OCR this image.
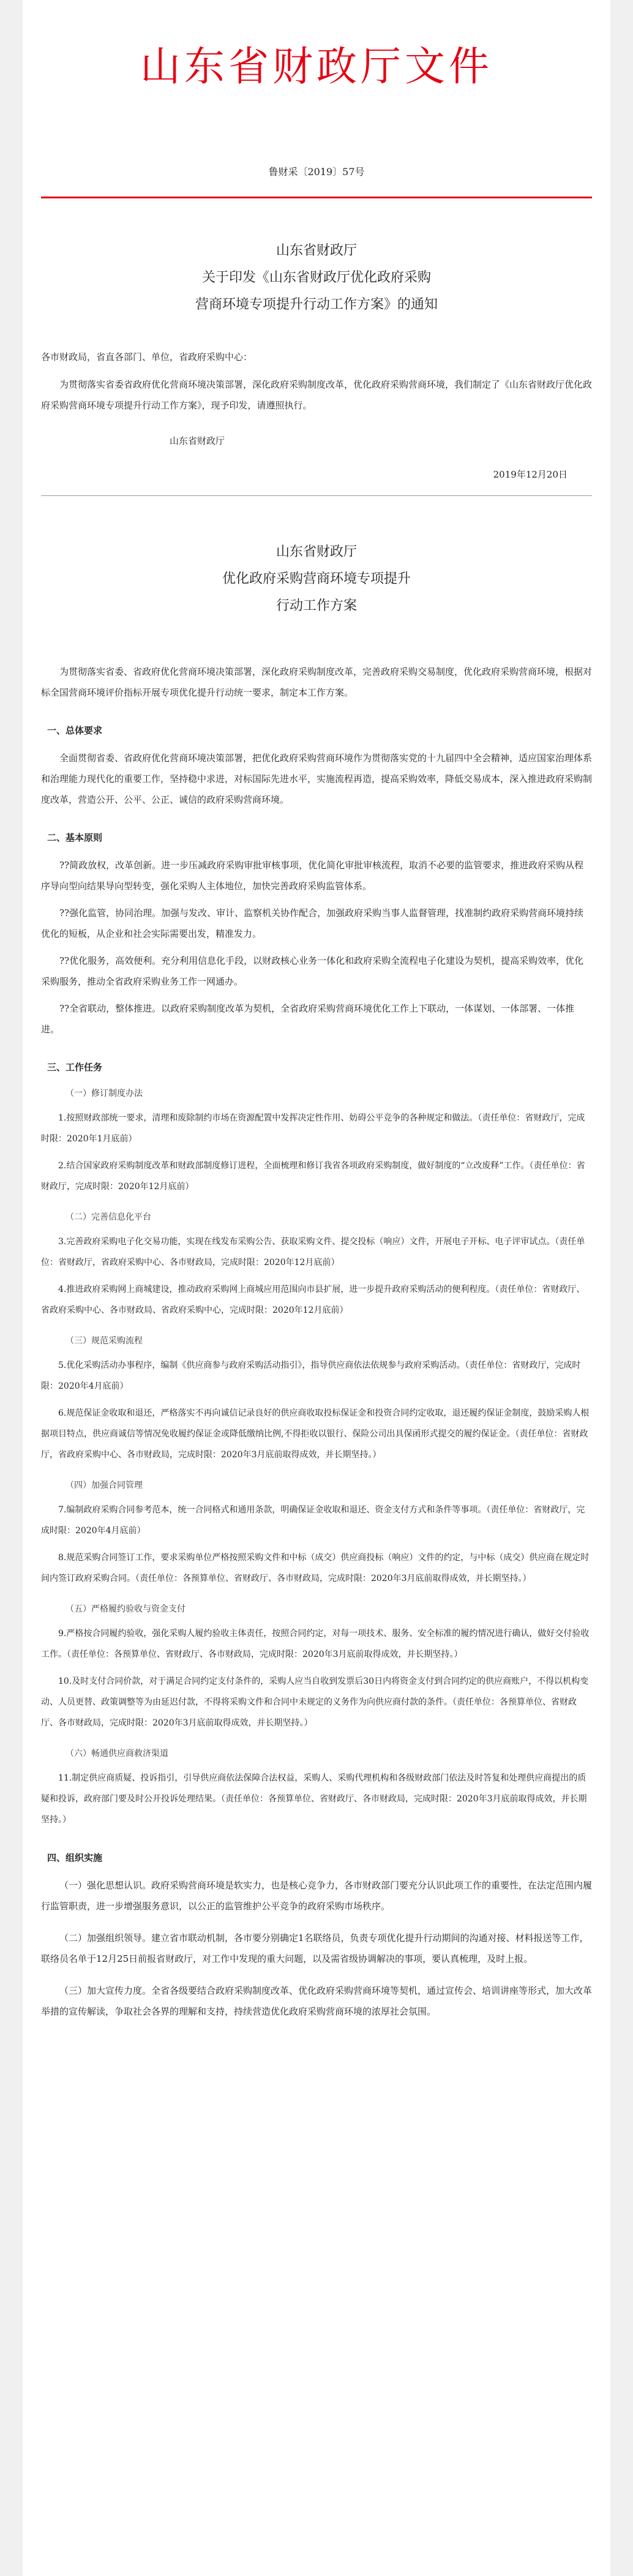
山东省财政厅文件
鲁财采〔2019〕57号
山东省财政厅
关于印发《山东省财政厅优化政府采购
营商环境专项提升行动工作方案》的通知
各市财政局，省直各部门、单位，省政府采购中心：

为贯彻落实省委省政府优化营商环境决策部署，深化政府采购制度改革，优化政府采购营商环境，我们制定了《山东省财政厅优化政府采购营商环境专项提升行动工作方案》，现予印发，请遵照执行。

山东省财政厅
2019年12月20日
山东省财政厅
优化政府采购营商环境专项提升
行动工作方案

为贯彻落实省委、省政府优化营商环境决策部署，深化政府采购制度改革，完善政府采购交易制度，优化政府采购营商环境，根据对标全国营商环境评价指标开展专项优化提升行动统一要求，制定本工作方案。

一、总体要求

全面贯彻省委、省政府优化营商环境决策部署，把优化政府采购营商环境作为贯彻落实党的十九届四中全会精神，适应国家治理体系和治理能力现代化的重要工作，坚持稳中求进，对标国际先进水平，实施流程再造，提高采购效率，降低交易成本，深入推进政府采购制度改革，营造公开、公平、公正、诚信的政府采购营商环境。

二、基本原则

??简政放权，改革创新。进一步压减政府采购审批审核事项，优化简化审批审核流程，取消不必要的监管要求，推进政府采购从程序导向型向结果导向型转变，强化采购人主体地位，加快完善政府采购监管体系。

??强化监管，协同治理。加强与发改、审计、监察机关协作配合，加强政府采购当事人监督管理，找准制约政府采购营商环境持续优化的短板，从企业和社会实际需要出发，精准发力。

??优化服务，高效便利。充分利用信息化手段，以财政核心业务一体化和政府采购全流程电子化建设为契机，提高采购效率，优化采购服务，推动全省政府采购业务工作一网通办。

??全省联动，整体推进。以政府采购制度改革为契机，全省政府采购营商环境优化工作上下联动，一体谋划、一体部署、一体推进。

三、工作任务
（一）修订制度办法

1.按照财政部统一要求，清理和废除制约市场在资源配置中发挥决定性作用、妨碍公平竞争的各种规定和做法。（责任单位：省财政厅，完成时限：2020年1月底前）

2.结合国家政府采购制度改革和财政部制度修订进程，全面梳理和修订我省各项政府采购制度，做好制度的“立改废释”工作。（责任单位：省财政厅，完成时限：2020年12月底前）

（二）完善信息化平台

3.完善政府采购电子化交易功能，实现在线发布采购公告、获取采购文件、提交投标（响应）文件，开展电子开标、电子评审试点。（责任单位：省财政厅，省政府采购中心、各市财政局，完成时限：2020年12月底前）

4.推进政府采购网上商城建设，推动政府采购网上商城应用范围向市县扩展，进一步提升政府采购活动的便利程度。（责任单位：省财政厅、省政府采购中心、各市财政局、省政府采购中心，完成时限：2020年12月底前）

（三）规范采购流程

5.优化采购活动办事程序，编制《供应商参与政府采购活动指引》，指导供应商依法依规参与政府采购活动。（责任单位：省财政厅，完成时限：2020年4月底前）

6.规范保证金收取和退还，严格落实不再向诚信记录良好的供应商收取投标保证金和投资合同约定收取，退还履约保证金制度，鼓励采购人根据项目特点，供应商诚信等情况免收履约保证金或降低缴纳比例,不得拒收以银行、保险公司出具保函形式提交的履约保证金。（责任单位：省财政厅，省政府采购中心、各市财政局，完成时限：2020年3月底前取得成效，并长期坚持。）

（四）加强合同管理

7.编制政府采购合同参考范本，统一合同格式和通用条款，明确保证金收取和退还、资金支付方式和条件等事项。（责任单位：省财政厅，完成时限：2020年4月底前）

8.规范采购合同签订工作，要求采购单位严格按照采购文件和中标（成交）供应商投标（响应）文件的约定，与中标（成交）供应商在规定时间内签订政府采购合同。（责任单位：各预算单位、省财政厅、各市财政局，完成时限：2020年3月底前取得成效，并长期坚持。）

（五）严格履约验收与资金支付

9.严格按合同履约验收，强化采购人履约验收主体责任，按照合同约定，对每一项技术、服务、安全标准的履约情况进行确认，做好交付验收工作。（责任单位：各预算单位、省财政厅、各市财政局，完成时限：2020年3月底前取得成效，并长期坚持。）

10.及时支付合同价款，对于满足合同约定支付条件的，采购人应当自收到发票后30日内将资金支付到合同约定的供应商账户，不得以机构变动、人员更替、政策调整等为由延迟付款，不得将采购文件和合同中未规定的义务作为向供应商付款的条件。（责任单位：各预算单位、省财政厅、各市财政局，完成时限：2020年3月底前取得成效，并长期坚持。）

（六）畅通供应商救济渠道

11.制定供应商质疑、投诉指引，引导供应商依法保障合法权益，采购人、采购代理机构和各级财政部门依法及时答复和处理供应商提出的质疑和投诉，政府部门要及时公开投诉处理结果。（责任单位：各预算单位、省财政厅、各市财政局，完成时限：2020年3月底前取得成效，并长期坚持。）

四、组织实施

（一）强化思想认识。政府采购营商环境是软实力，也是核心竞争力，各市财政部门要充分认识此项工作的重要性，在法定范围内履行监管职责，进一步增强服务意识，以公正的监管维护公平竞争的政府采购市场秩序。

（二）加强组织领导。建立省市联动机制，各市要分别确定1名联络员，负责专项优化提升行动期间的沟通对接、材料报送等工作，联络员名单于12月25日前报省财政厅，对工作中发现的重大问题，以及需省级协调解决的事项，要认真梳理，及时上报。

（三）加大宣传力度。全省各级要结合政府采购制度改革、优化政府采购营商环境等契机，通过宣传会、培训讲座等形式，加大改革举措的宣传解读，争取社会各界的理解和支持，持续营造优化政府采购营商环境的浓厚社会氛围。
